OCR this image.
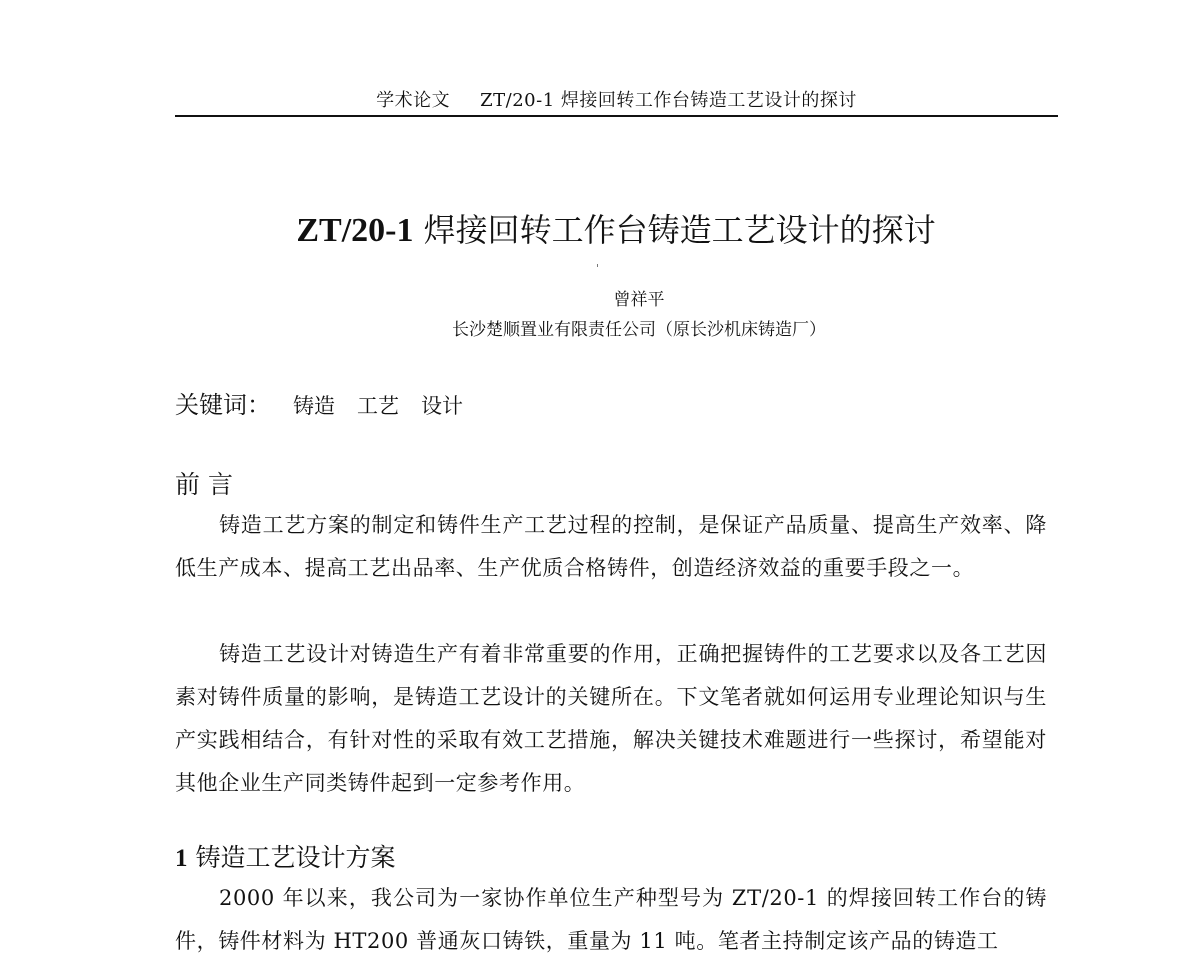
学术论文 ZT/20-1 焊接回转工作台铸造工艺设计的探讨
ZT/20-1 焊接回转工作台铸造工艺设计的探讨
曾祥平
长沙楚顺置业有限责任公司（原长沙机床铸造厂）
关键词： 铸造 工艺 设计
前 言
铸造工艺方案的制定和铸件生产工艺过程的控制，是保证产品质量、提高生产效率、降低生产成本、提高工艺出品率、生产优质合格铸件，创造经济效益的重要手段之一。
铸造工艺设计对铸造生产有着非常重要的作用，正确把握铸件的工艺要求以及各工艺因素对铸件质量的影响，是铸造工艺设计的关键所在。下文笔者就如何运用专业理论知识与生产实践相结合，有针对性的采取有效工艺措施，解决关键技术难题进行一些探讨，希望能对其他企业生产同类铸件起到一定参考作用。
1 铸造工艺设计方案
2000 年以来，我公司为一家协作单位生产种型号为 ZT/20-1 的焊接回转工作台的铸件，铸件材料为 HT200 普通灰口铸铁，重量为 11 吨。笔者主持制定该产品的铸造工
